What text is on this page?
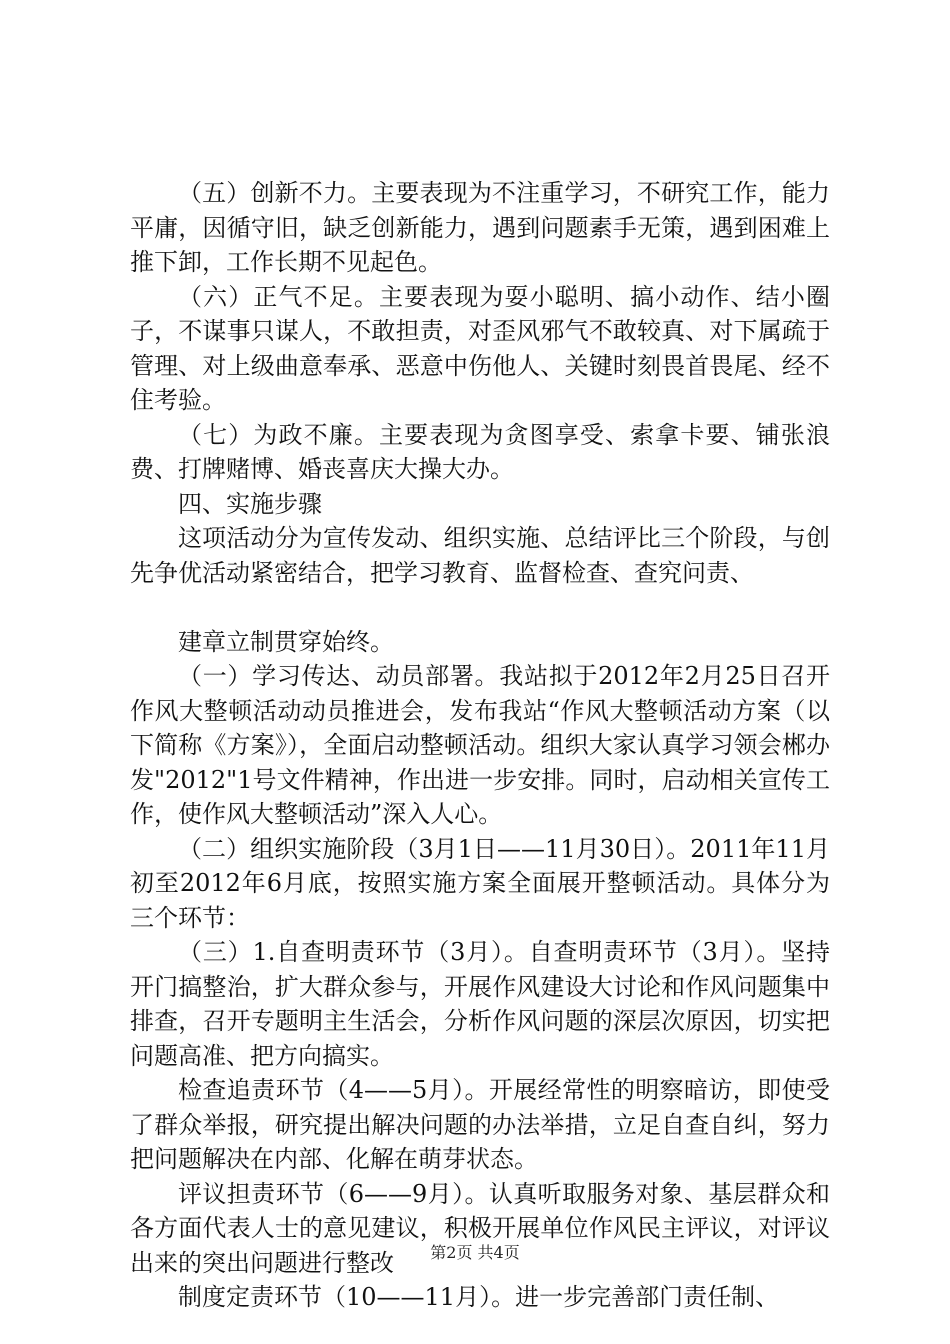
（五）创新不力。主要表现为不注重学习，不研究工作，能力平庸，因循守旧，缺乏创新能力，遇到问题素手无策，遇到困难上推下卸，工作长期不见起色。

（六）正气不足。主要表现为耍小聪明、搞小动作、结小圈子，不谋事只谋人，不敢担责，对歪风邪气不敢较真、对下属疏于管理、对上级曲意奉承、恶意中伤他人、关键时刻畏首畏尾、经不住考验。

（七）为政不廉。主要表现为贪图享受、索拿卡要、铺张浪费、打牌赌博、婚丧喜庆大操大办。

四、实施步骤

这项活动分为宣传发动、组织实施、总结评比三个阶段，与创先争优活动紧密结合，把学习教育、监督检查、查究问责、

建章立制贯穿始终。

（一）学习传达、动员部署。我站拟于2012年2月25日召开作风大整顿活动动员推进会，发布我站“作风大整顿活动方案（以下简称《方案》），全面启动整顿活动。组织大家认真学习领会郴办发"2012"1号文件精神，作出进一步安排。同时，启动相关宣传工作，使作风大整顿活动”深入人心。

（二）组织实施阶段（3月1日——11月30日）。2011年11月初至2012年6月底，按照实施方案全面展开整顿活动。具体分为三个环节：

（三）1.自查明责环节（3月）。自查明责环节（3月）。坚持开门搞整治，扩大群众参与，开展作风建设大讨论和作风问题集中排查，召开专题明主生活会，分析作风问题的深层次原因，切实把问题高准、把方向搞实。

检查追责环节（4——5月）。开展经常性的明察暗访，即使受了群众举报，研究提出解决问题的办法举措，立足自查自纠，努力把问题解决在内部、化解在萌芽状态。

评议担责环节（6——9月）。认真听取服务对象、基层群众和各方面代表人士的意见建议，积极开展单位作风民主评议，对评议出来的突出问题进行整改

制度定责环节（10——11月）。进一步完善部门责任制、

第2页 共4页
